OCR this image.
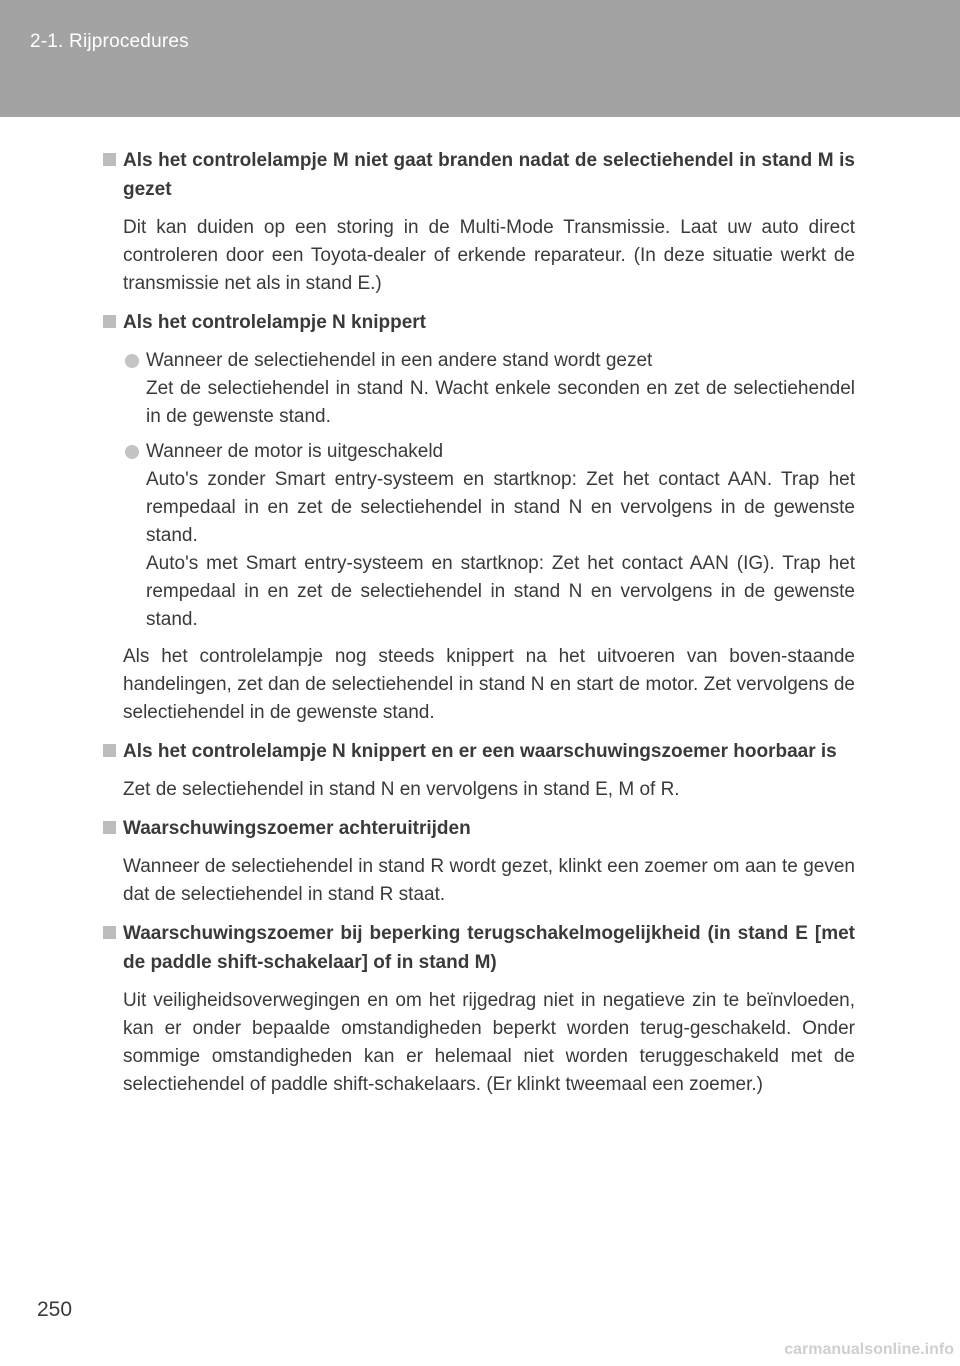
2-1. Rijprocedures
Als het controlelampje M niet gaat branden nadat de selectiehendel in stand M is gezet
Dit kan duiden op een storing in de Multi-Mode Transmissie. Laat uw auto direct controleren door een Toyota-dealer of erkende reparateur. (In deze situatie werkt de transmissie net als in stand E.)
Als het controlelampje N knippert
Wanneer de selectiehendel in een andere stand wordt gezet
Zet de selectiehendel in stand N. Wacht enkele seconden en zet de selectiehendel in de gewenste stand.
Wanneer de motor is uitgeschakeld
Auto's zonder Smart entry-systeem en startknop: Zet het contact AAN. Trap het rempedaal in en zet de selectiehendel in stand N en vervolgens in de gewenste stand.
Auto's met Smart entry-systeem en startknop: Zet het contact AAN (IG). Trap het rempedaal in en zet de selectiehendel in stand N en vervolgens in de gewenste stand.
Als het controlelampje nog steeds knippert na het uitvoeren van boven-staande handelingen, zet dan de selectiehendel in stand N en start de motor. Zet vervolgens de selectiehendel in de gewenste stand.
Als het controlelampje N knippert en er een waarschuwingszoemer hoorbaar is
Zet de selectiehendel in stand N en vervolgens in stand E, M of R.
Waarschuwingszoemer achteruitrijden
Wanneer de selectiehendel in stand R wordt gezet, klinkt een zoemer om aan te geven dat de selectiehendel in stand R staat.
Waarschuwingszoemer bij beperking terugschakelmogelijkheid (in stand E [met de paddle shift-schakelaar] of in stand M)
Uit veiligheidsoverwegingen en om het rijgedrag niet in negatieve zin te beïnvloeden, kan er onder bepaalde omstandigheden beperkt worden terug-geschakeld. Onder sommige omstandigheden kan er helemaal niet worden teruggeschakeld met de selectiehendel of paddle shift-schakelaars. (Er klinkt tweemaal een zoemer.)
250
carmanualsonline.info
